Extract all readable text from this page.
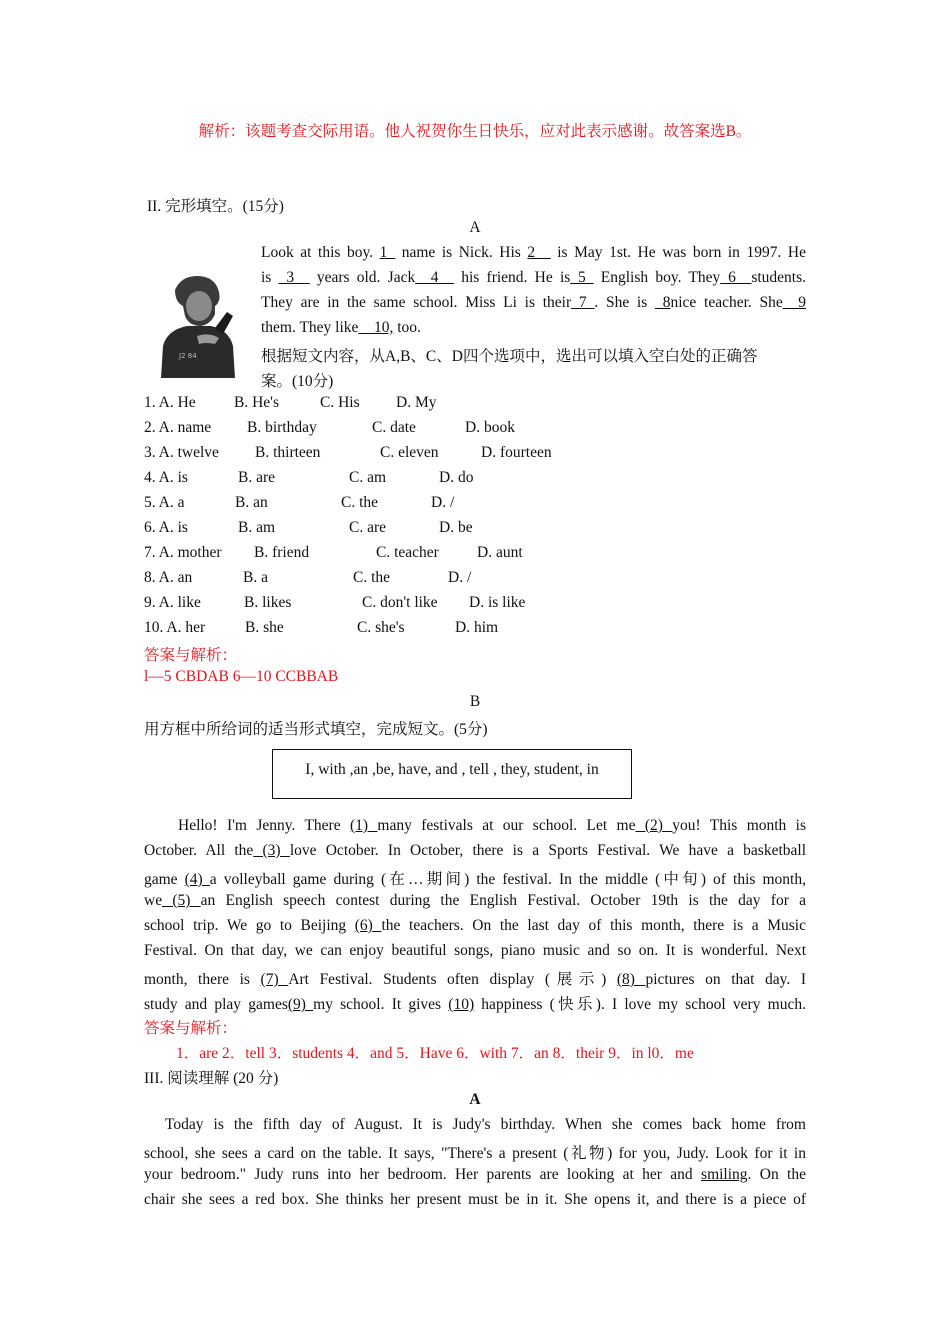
解析：该题考查交际用语。他人祝贺你生日快乐，应对此表示感谢。故答案选B。
II. 完形填空。(15分)
A
J2 84
Look at this boy. 1_ name is Nick. His 2__ is May 1st. He was born in 1997. He
is _3__ years old. Jack__4__ his friend. He is_5_ English boy. They_6__students.
They are in the same school. Miss Li is their_7_. She is _8nice teacher. She__9
them. They like__10, too.
根据短文内容，从A,B、C、D四个选项中，选出可以填入空白处的正确答
案。(10分)
1. A. He B. He's	C. His D. My
2. A. name B. birthday	C. date	D. book
3. A. twelve B. thirteen	C. eleven	D. fourteen
4. A. is	B. are	C. am	D. do
5. A. a	B. an	C. the	D. /
6. A. is	B. am	C. are	D. be
7. A. mother B. friend	C. teacher D. aunt
8. A. an	B. a	C. the	D. /
9. A. like	B. likes	C. don't like D. is like
10. A. her	B. she	C. she's	D. him
答案与解析：
l—5 CBDAB 6—10 CCBBAB
B
用方框中所给词的适当形式填空，完成短文。(5分)
I, with ,an ,be, have, and , tell , they, student, in
Hello! I'm Jenny. There (1) many festivals at our school. Let me (2) you! This month is
October. All the (3) love October. In October, there is a Sports Festival. We have a basketball
game (4) a volleyball game during (在…期间) the festival. In the middle (中旬) of this month,
we (5) an English speech contest during the English Festival. October 19th is the day for a
school trip. We go to Beijing (6) the teachers. On the last day of this month, there is a Music
Festival. On that day, we can enjoy beautiful songs, piano music and so on. It is wonderful. Next
month, there is (7) Art Festival. Students often display (展示) (8) pictures on that day. I
study and play games(9) my school. It gives (10) happiness (快乐). I love my school very much.
答案与解析：
1．are 2．tell 3．students 4．and 5．Have 6．with 7．an 8．their 9．in l0．me
III. 阅读理解 (20 分)
A
Today is the fifth day of August. It is Judy's birthday. When she comes back home from
school, she sees a card on the table. It says, "There's a present (礼物) for you, Judy. Look for it in
your bedroom." Judy runs into her bedroom. Her parents are looking at her and smiling. On the
chair she sees a red box. She thinks her present must be in it. She opens it, and there is a piece of
